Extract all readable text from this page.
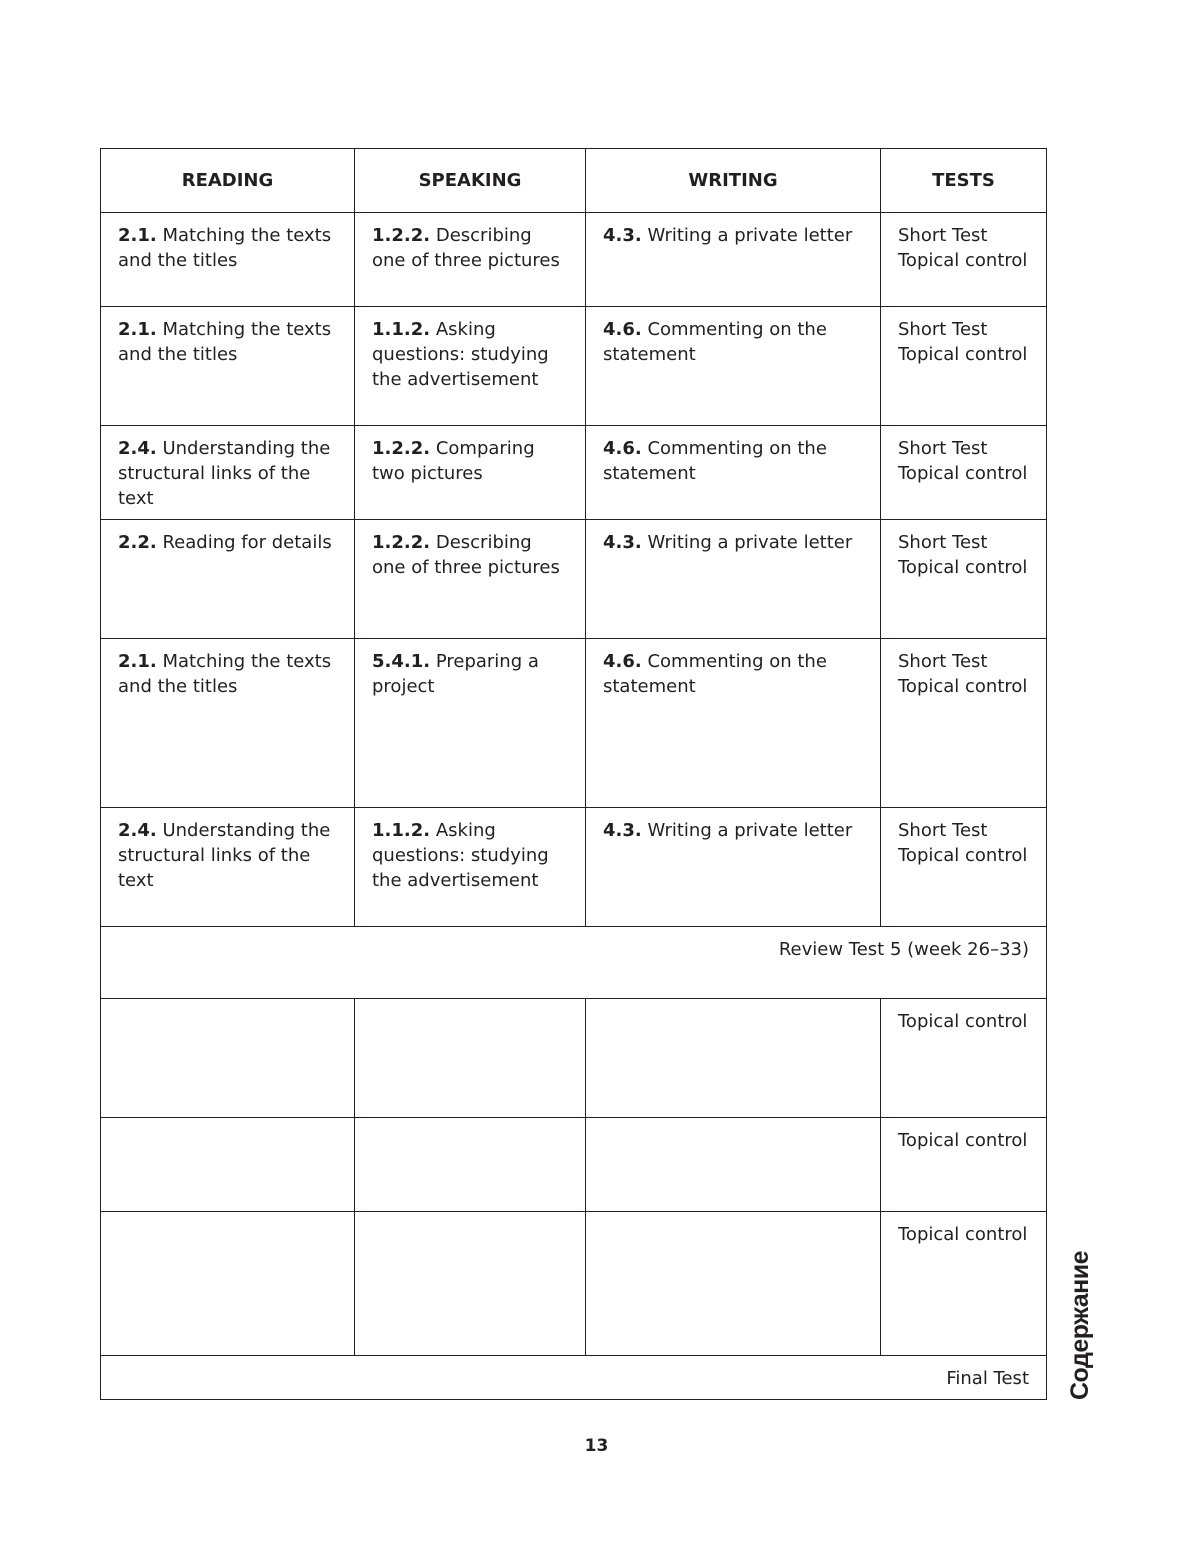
READING	SPEAKING	WRITING	TESTS
2.1. Matching the texts and the titles	1.2.2. Describing one of three pictures	4.3. Writing a private letter	Short Test
Topical control

2.1. Matching the texts and the titles	1.1.2. Asking questions: studying the advertisement	4.6. Commenting on the statement	Short Test
Topical control

2.4. Understanding the structural links of the text	1.2.2. Comparing two pictures	4.6. Commenting on the statement	Short Test
Topical control

2.2. Reading for details	1.2.2. Describing one of three pictures	4.3. Writing a private letter	Short Test
Topical control

2.1. Matching the texts and the titles	5.4.1. Preparing a project	4.6. Commenting on the statement	Short Test
Topical control

2.4. Understanding the structural links of the text	1.1.2. Asking questions: studying the advertisement	4.3. Writing a private letter	Short Test
Topical control

Review Test 5 (week 26–33)			

			Topical control

			Topical control

			Topical control

Final Test			
13
Содержание
